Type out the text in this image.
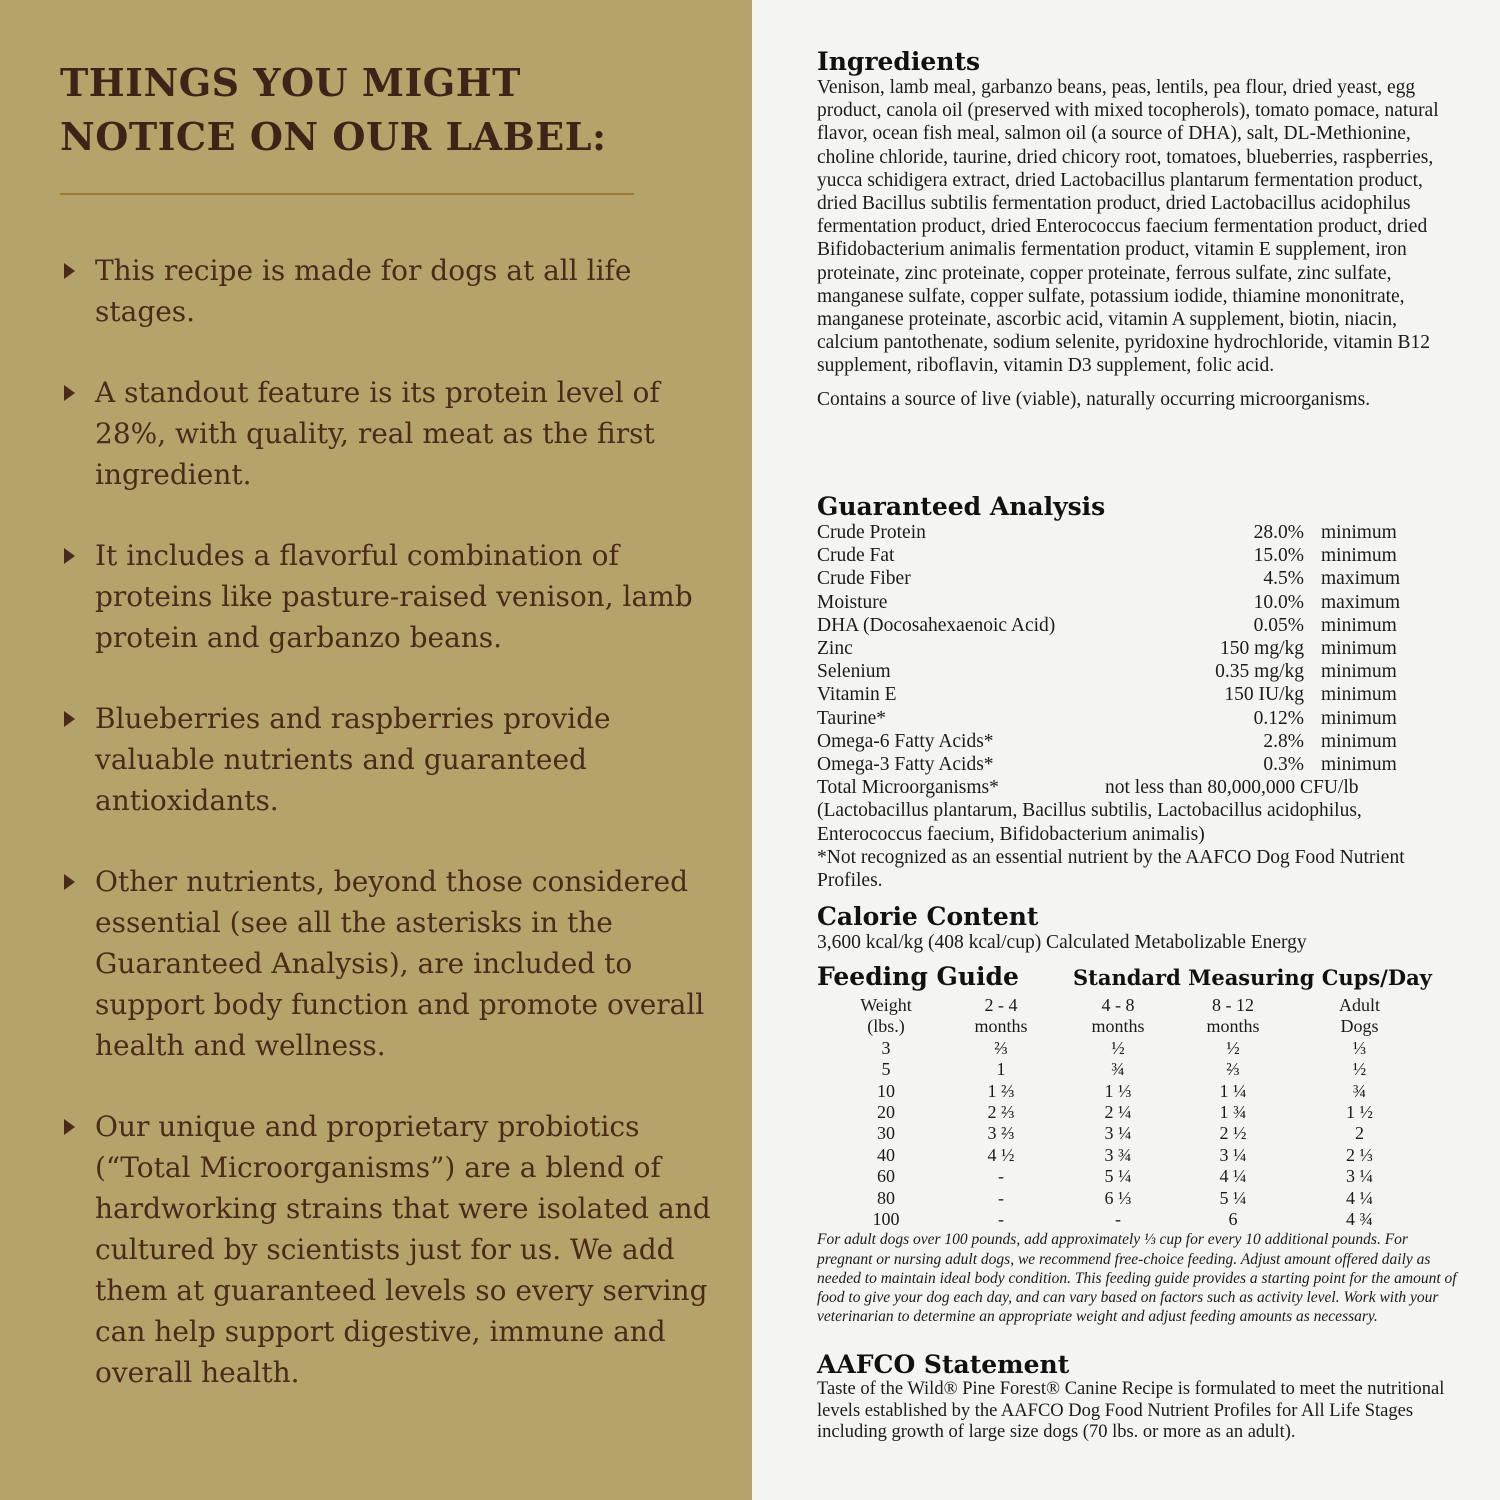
THINGS YOU MIGHT NOTICE ON OUR LABEL:
This recipe is made for dogs at all life stages.
A standout feature is its protein level of 28%, with quality, real meat as the first ingredient.
It includes a flavorful combination of proteins like pasture-raised venison, lamb protein and garbanzo beans.
Blueberries and raspberries provide valuable nutrients and guaranteed antioxidants.
Other nutrients, beyond those considered essential (see all the asterisks in the Guaranteed Analysis), are included to support body function and promote overall health and wellness.
Our unique and proprietary probiotics (“Total Microorganisms”) are a blend of hardworking strains that were isolated and cultured by scientists just for us. We add them at guaranteed levels so every serving can help support digestive, immune and overall health.
Ingredients
Venison, lamb meal, garbanzo beans, peas, lentils, pea flour, dried yeast, egg product, canola oil (preserved with mixed tocopherols), tomato pomace, natural flavor, ocean fish meal, salmon oil (a source of DHA), salt, DL-Methionine, choline chloride, taurine, dried chicory root, tomatoes, blueberries, raspberries, yucca schidigera extract, dried Lactobacillus plantarum fermentation product, dried Bacillus subtilis fermentation product, dried Lactobacillus acidophilus fermentation product, dried Enterococcus faecium fermentation product, dried Bifidobacterium animalis fermentation product, vitamin E supplement, iron proteinate, zinc proteinate, copper proteinate, ferrous sulfate, zinc sulfate, manganese sulfate, copper sulfate, potassium iodide, thiamine mononitrate, manganese proteinate, ascorbic acid, vitamin A supplement, biotin, niacin, calcium pantothenate, sodium selenite, pyridoxine hydrochloride, vitamin B12 supplement, riboflavin, vitamin D3 supplement, folic acid.
Contains a source of live (viable), naturally occurring microorganisms.
Guaranteed Analysis
Crude Protein	28.0%	minimum
Crude Fat	15.0%	minimum
Crude Fiber	4.5%	maximum
Moisture	10.0%	maximum
DHA (Docosahexaenoic Acid)	0.05%	minimum
Zinc	150 mg/kg	minimum
Selenium	0.35 mg/kg	minimum
Vitamin E	150 IU/kg	minimum
Taurine*	0.12%	minimum
Omega-6 Fatty Acids*	2.8%	minimum
Omega-3 Fatty Acids*	0.3%	minimum
Total Microorganisms*	not less than 80,000,000 CFU/lb
(Lactobacillus plantarum, Bacillus subtilis, Lactobacillus acidophilus, Enterococcus faecium, Bifidobacterium animalis)
*Not recognized as an essential nutrient by the AAFCO Dog Food Nutrient Profiles.
Calorie Content
3,600 kcal/kg (408 kcal/cup) Calculated Metabolizable Energy
Feeding Guide	Standard Measuring Cups/Day
Weight	2 - 4	4 - 8	8 - 12	Adult
(lbs.)	months	months	months	Dogs
3	⅔	½	½	⅓
5	1	¾	⅔	½
10	1 ⅔	1 ⅓	1 ¼	¾
20	2 ⅔	2 ¼	1 ¾	1 ½
30	3 ⅔	3 ¼	2 ½	2
40	4 ½	3 ¾	3 ¼	2 ⅓
60	-	5 ¼	4 ¼	3 ¼
80	-	6 ⅓	5 ¼	4 ¼
100	-	-	6	4 ¾
For adult dogs over 100 pounds, add approximately ⅓ cup for every 10 additional pounds. For pregnant or nursing adult dogs, we recommend free-choice feeding. Adjust amount offered daily as needed to maintain ideal body condition. This feeding guide provides a starting point for the amount of food to give your dog each day, and can vary based on factors such as activity level. Work with your veterinarian to determine an appropriate weight and adjust feeding amounts as necessary.
AAFCO Statement
Taste of the Wild® Pine Forest® Canine Recipe is formulated to meet the nutritional levels established by the AAFCO Dog Food Nutrient Profiles for All Life Stages including growth of large size dogs (70 lbs. or more as an adult).
